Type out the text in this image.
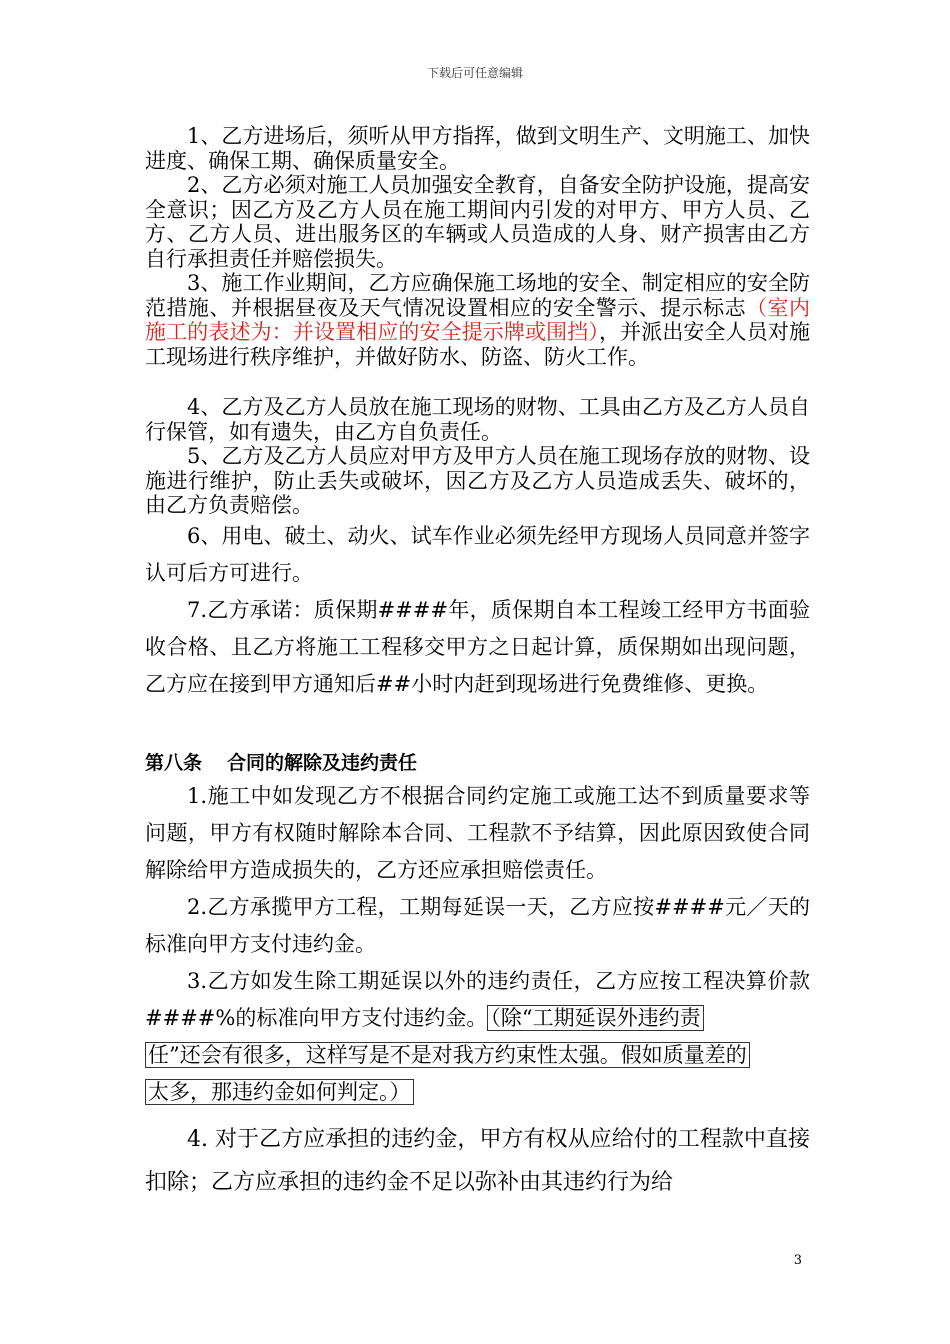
下载后可任意编辑

1、乙方进场后，须听从甲方指挥，做到文明生产、文明施工、加快进度、确保工期、确保质量安全。

2、乙方必须对施工人员加强安全教育，自备安全防护设施，提高安全意识；因乙方及乙方人员在施工期间内引发的对甲方、甲方人员、乙方、乙方人员、进出服务区的车辆或人员造成的人身、财产损害由乙方自行承担责任并赔偿损失。

3、施工作业期间，乙方应确保施工场地的安全、制定相应的安全防范措施、并根据昼夜及天气情况设置相应的安全警示、提示标志（室内施工的表述为：并设置相应的安全提示牌或围挡），并派出安全人员对施工现场进行秩序维护，并做好防水、防盗、防火工作。

4、乙方及乙方人员放在施工现场的财物、工具由乙方及乙方人员自行保管，如有遗失，由乙方自负责任。

5、乙方及乙方人员应对甲方及甲方人员在施工现场存放的财物、设施进行维护，防止丢失或破坏，因乙方及乙方人员造成丢失、破坏的，由乙方负责赔偿。

6、用电、破土、动火、试车作业必须先经甲方现场人员同意并签字认可后方可进行。

7.乙方承诺：质保期####年，质保期自本工程竣工经甲方书面验收合格、且乙方将施工工程移交甲方之日起计算，质保期如出现问题，乙方应在接到甲方通知后##小时内赶到现场进行免费维修、更换。

第八条 合同的解除及违约责任

1.施工中如发现乙方不根据合同约定施工或施工达不到质量要求等问题，甲方有权随时解除本合同、工程款不予结算，因此原因致使合同解除给甲方造成损失的，乙方还应承担赔偿责任。

2.乙方承揽甲方工程，工期每延误一天，乙方应按####元／天的标准向甲方支付违约金。

3.乙方如发生除工期延误以外的违约责任，乙方应按工程决算价款####%的标准向甲方支付违约金。 （除“工期延误外违约责
任”还会有很多，这样写是不是对我方约束性太强。假如质量差的
太多，那违约金如何判定。）

4. 对于乙方应承担的违约金，甲方有权从应给付的工程款中直接扣除；乙方应承担的违约金不足以弥补由其违约行为给

3
